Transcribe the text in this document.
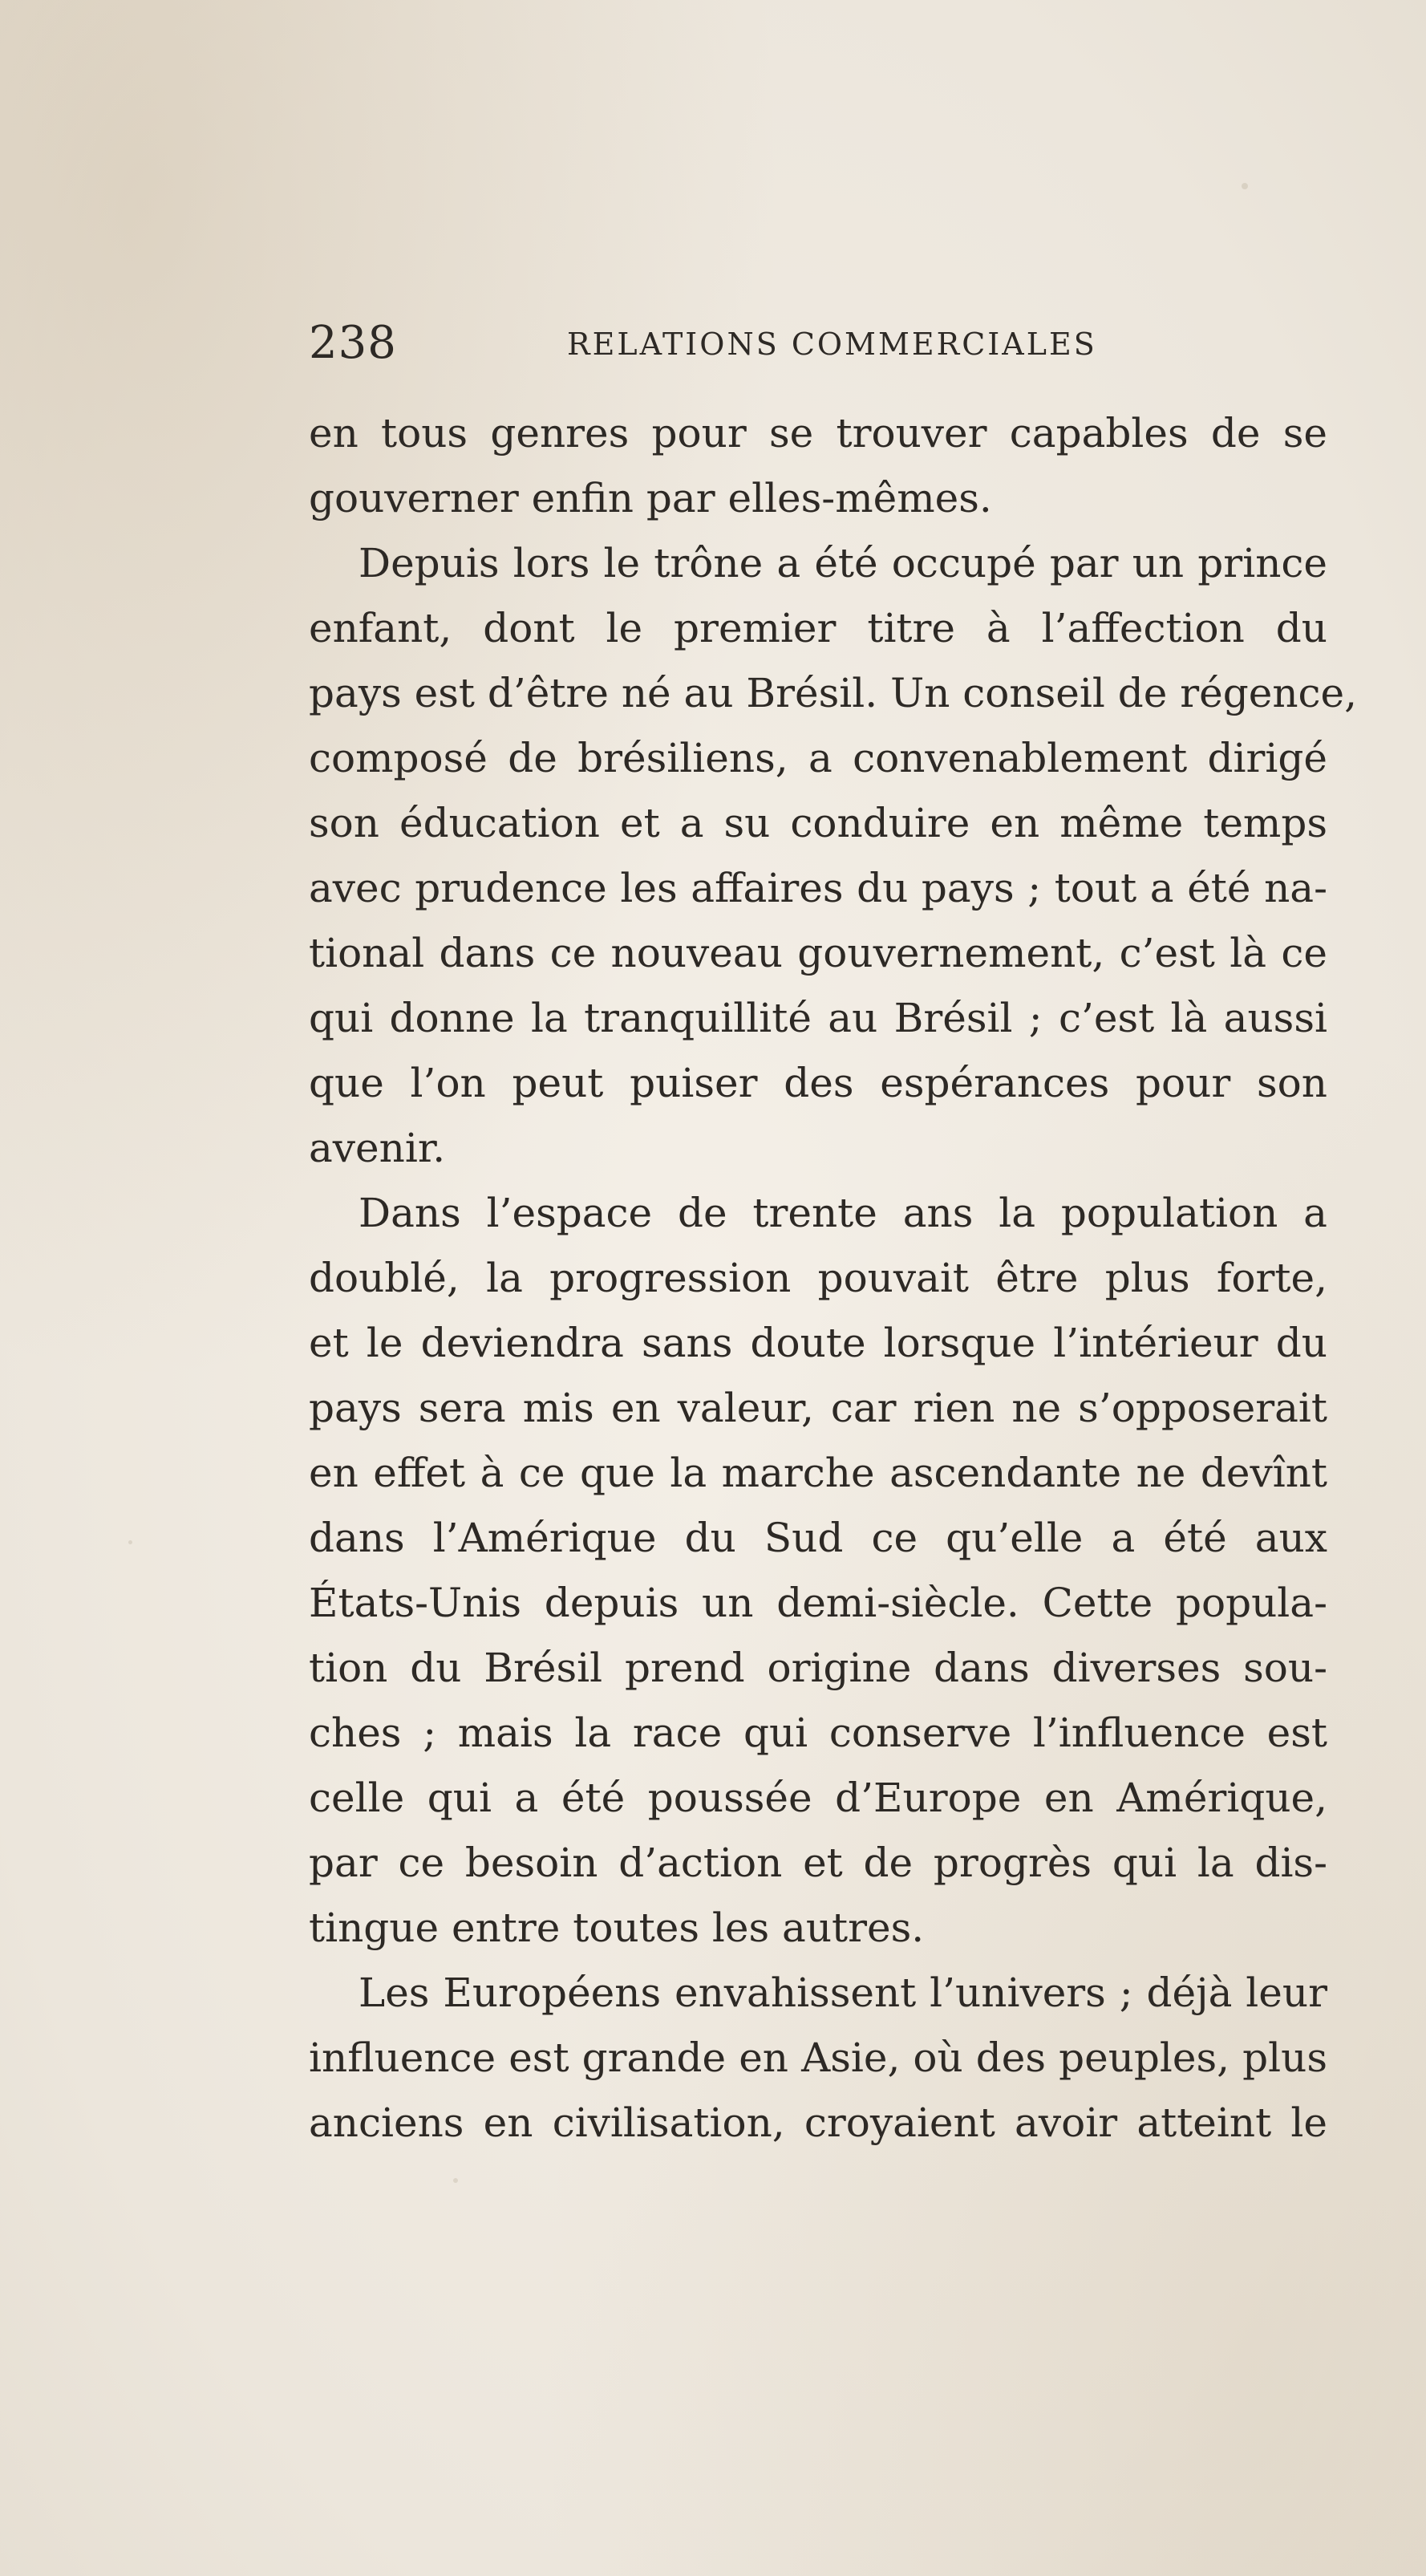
238	RELATIONS COMMERCIALES
en tous genres pour se trouver capables de se
gouverner enfin par elles-mêmes.
Depuis lors le trône a été occupé par un prince
enfant, dont le premier titre à l’affection du
pays est d’être né au Brésil. Un conseil de régence,
composé de brésiliens, a convenablement dirigé
son éducation et a su conduire en même temps
avec prudence les affaires du pays ; tout a été na-
tional dans ce nouveau gouvernement, c’est là ce
qui donne la tranquillité au Brésil ; c’est là aussi
que l’on peut puiser des espérances pour son
avenir.
Dans l’espace de trente ans la population a
doublé, la progression pouvait être plus forte,
et le deviendra sans doute lorsque l’intérieur du
pays sera mis en valeur, car rien ne s’opposerait
en effet à ce que la marche ascendante ne devînt
dans l’Amérique du Sud ce qu’elle a été aux
États-Unis depuis un demi-siècle. Cette popula-
tion du Brésil prend origine dans diverses sou-
ches ; mais la race qui conserve l’influence est
celle qui a été poussée d’Europe en Amérique,
par ce besoin d’action et de progrès qui la dis-
tingue entre toutes les autres.
Les Européens envahissent l’univers ; déjà leur
influence est grande en Asie, où des peuples, plus
anciens en civilisation, croyaient avoir atteint le
